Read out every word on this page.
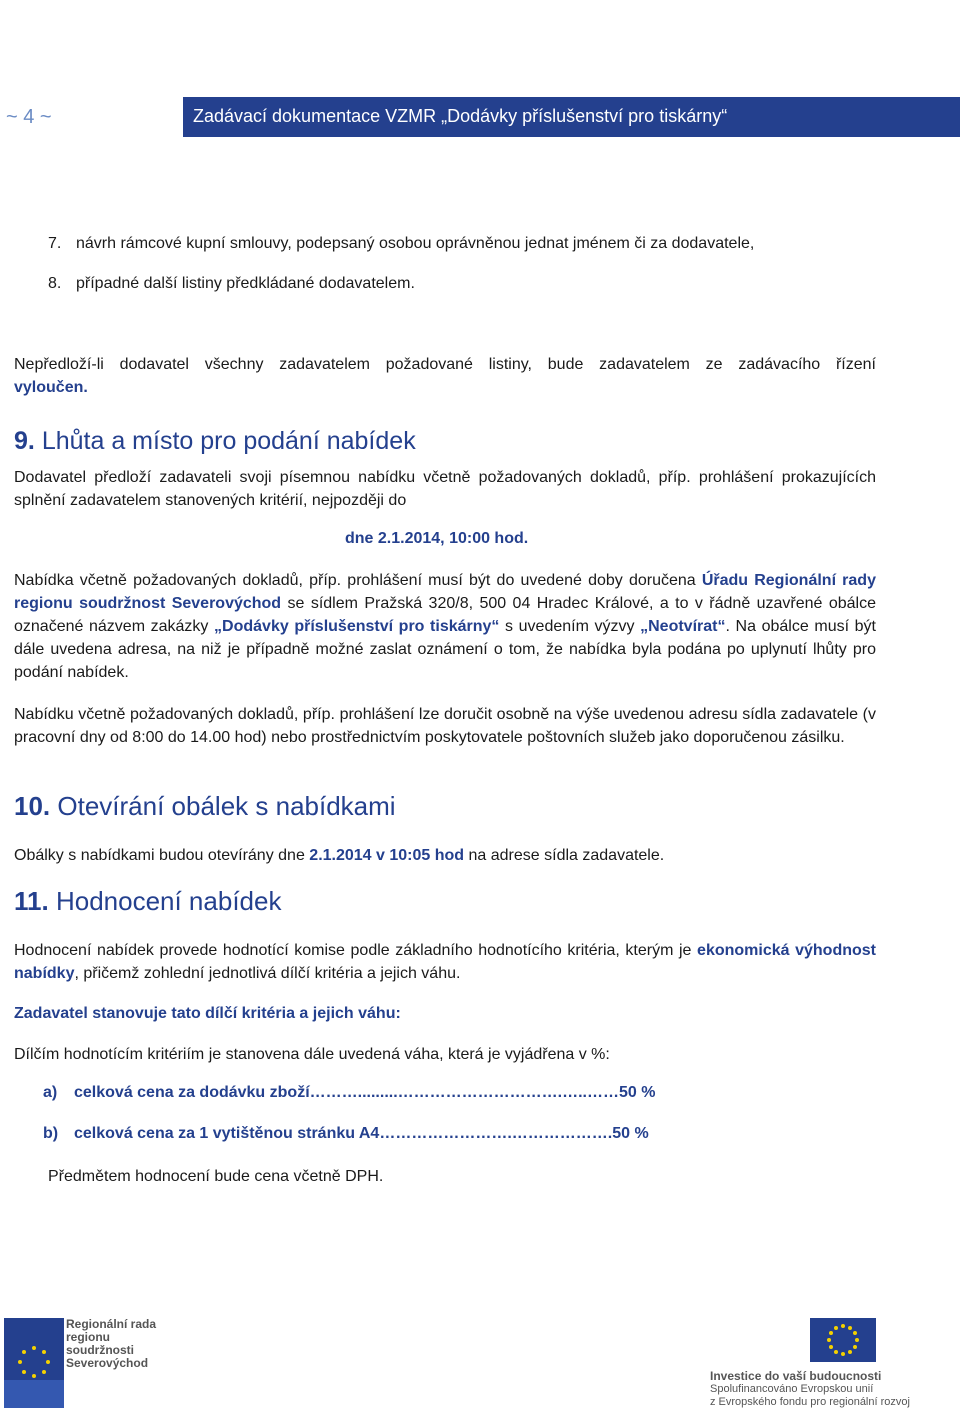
~ 4 ~	Zadávací dokumentace VZMR „Dodávky příslušenství pro tiskárny“
7. návrh rámcové kupní smlouvy, podepsaný osobou oprávněnou jednat jménem či za dodavatele,
8. případné další listiny předkládané dodavatelem.
Nepředloží-li dodavatel všechny zadavatelem požadované listiny, bude zadavatelem ze zadávacího řízení
vyloučen.
9. Lhůta a místo pro podání nabídek
Dodavatel předloží zadavateli svoji písemnou nabídku včetně požadovaných dokladů, příp. prohlášení prokazujících splnění zadavatelem stanovených kritérií, nejpozději do
dne 2.1.2014, 10:00 hod.
Nabídka včetně požadovaných dokladů, příp. prohlášení musí být do uvedené doby doručena Úřadu Regionální rady regionu soudržnost Severovýchod se sídlem Pražská 320/8, 500 04 Hradec Králové, a to v řádně uzavřené obálce označené názvem zakázky „Dodávky příslušenství pro tiskárny“ s uvedením výzvy „Neotvírat“. Na obálce musí být dále uvedena adresa, na niž je případně možné zaslat oznámení o tom, že nabídka byla podána po uplynutí lhůty pro podání nabídek.
Nabídku včetně požadovaných dokladů, příp. prohlášení lze doručit osobně na výše uvedenou adresu sídla zadavatele (v pracovní dny od 8:00 do 14.00 hod) nebo prostřednictvím poskytovatele poštovních služeb jako doporučenou zásilku.
10. Otevírání obálek s nabídkami
Obálky s nabídkami budou otevírány dne 2.1.2014 v 10:05 hod na adrese sídla zadavatele.
11. Hodnocení nabídek
Hodnocení nabídek provede hodnotící komise podle základního hodnotícího kritéria, kterým je ekonomická výhodnost nabídky, přičemž zohlední jednotlivá dílčí kritéria a jejich váhu.
Zadavatel stanovuje tato dílčí kritéria a jejich váhu:
Dílčím hodnotícím kritériím je stanovena dále uvedená váha, která je vyjádřena v %:
a) celková cena za dodávku zboží……….........………………………….…..……50 %
b) celková cena za 1 vytištěnou stránku A4…………………….……………….50 %
Předmětem hodnocení bude cena včetně DPH.
Regionální rada
regionu soudržnosti
Severovýchod
Investice do vaší budoucnosti
Spolufinancováno Evropskou unií
z Evropského fondu pro regionální rozvoj
